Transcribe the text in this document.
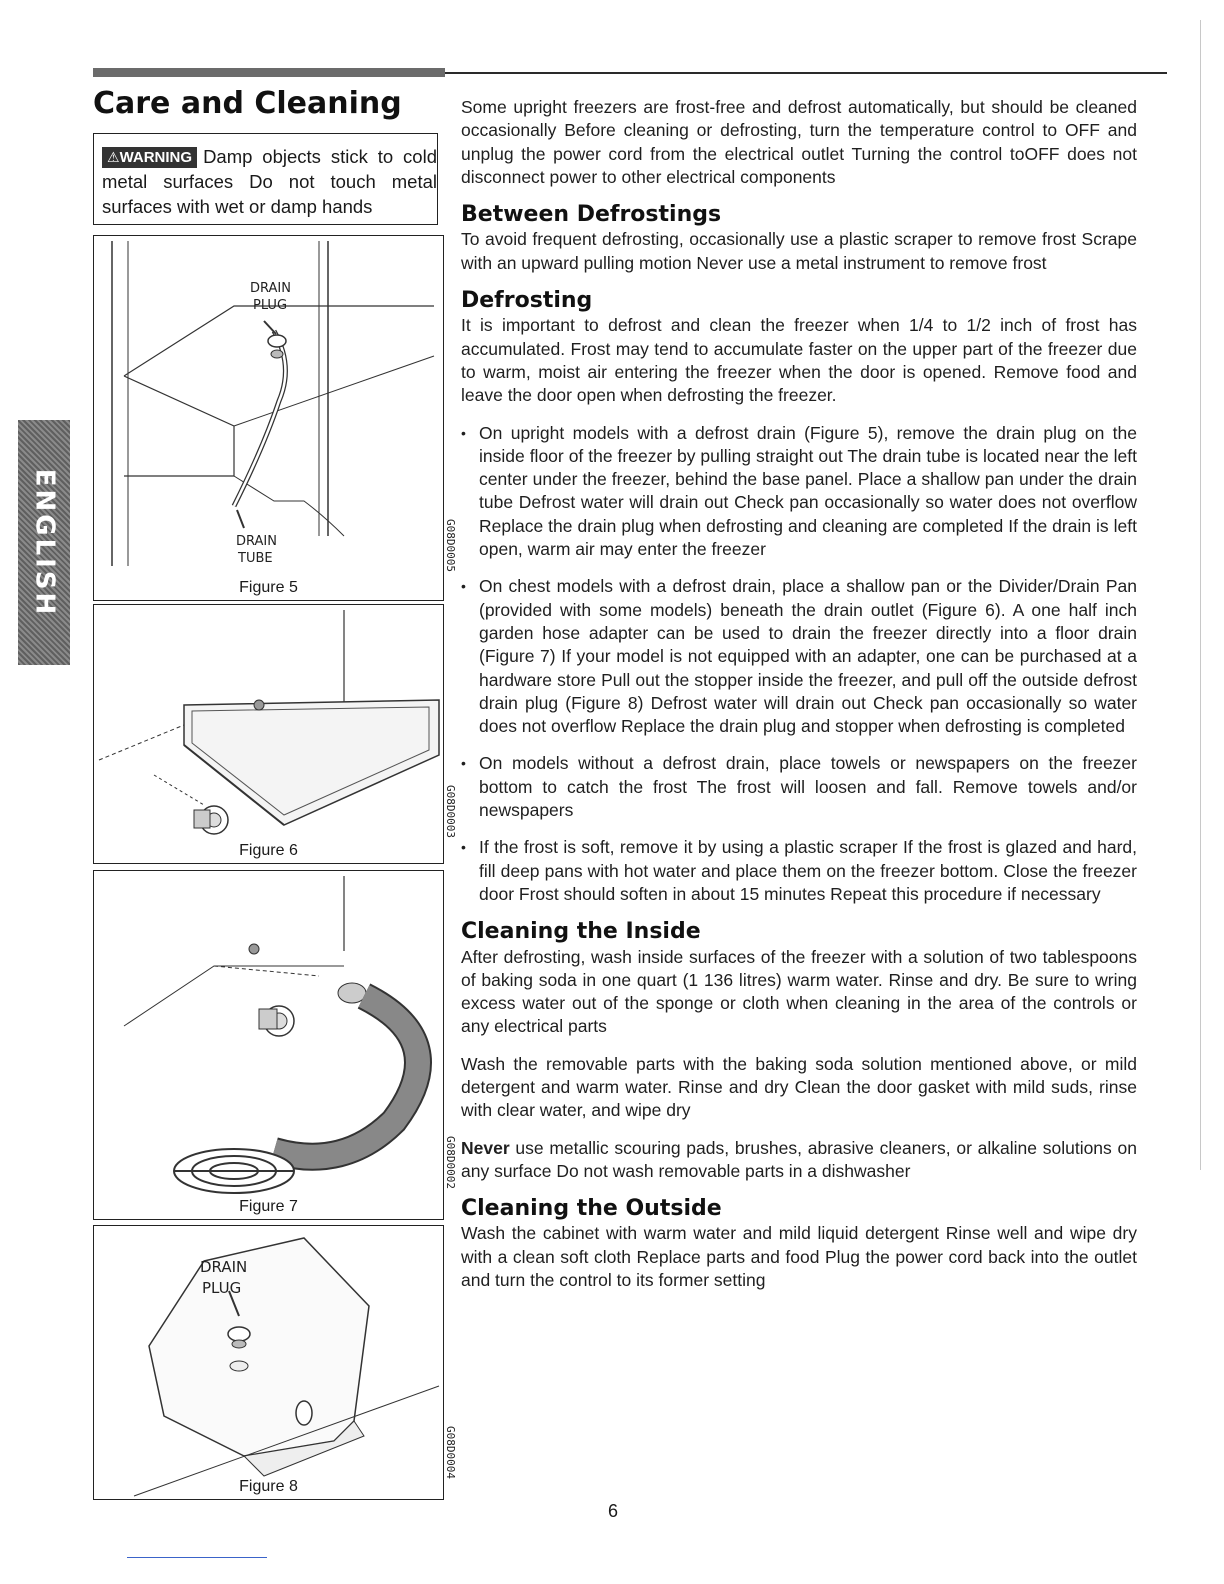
ENGLISH
Care and Cleaning
⚠WARNING Damp objects stick to cold metal surfaces Do not touch metal surfaces with wet or damp hands
DRAIN
PLUG
DRAIN
TUBE	G08D0005
Figure 5
G08D0003
Figure 6
G08D0002
Figure 7
DRAIN
PLUG
G08D0004
Figure 8

Some upright freezers are frost-free and defrost automatically, but should be cleaned occasionally Before cleaning or defrosting, turn the temperature control to OFF and unplug the power cord from the electrical outlet Turning the control toOFF does not disconnect power to other electrical components

Between Defrostings

To avoid frequent defrosting, occasionally use a plastic scraper to remove frost Scrape with an upward pulling motion Never use a metal instrument to remove frost

Defrosting

It is important to defrost and clean the freezer when 1/4 to 1/2 inch of frost has accumulated. Frost may tend to accumulate faster on the upper part of the freezer due to warm, moist air entering the freezer when the door is opened. Remove food and leave the door open when defrosting the freezer.

• On upright models with a defrost drain (Figure 5), remove the drain plug on the inside floor of the freezer by pulling straight out The drain tube is located near the left center under the freezer, behind the base panel. Place a shallow pan under the drain tube Defrost water will drain out Check pan occasionally so water does not overflow Replace the drain plug when defrosting and cleaning are completed If the drain is left open, warm air may enter the freezer
• On chest models with a defrost drain, place a shallow pan or the Divider/Drain Pan (provided with some models) beneath the drain outlet (Figure 6). A one half inch garden hose adapter can be used to drain the freezer directly into a floor drain (Figure 7) If your model is not equipped with an adapter, one can be purchased at a hardware store Pull out the stopper inside the freezer, and pull off the outside defrost drain plug (Figure 8) Defrost water will drain out Check pan occasionally so water does not overflow Replace the drain plug and stopper when defrosting is completed
• On models without a defrost drain, place towels or newspapers on the freezer bottom to catch the frost The frost will loosen and fall. Remove towels and/or newspapers
• If the frost is soft, remove it by using a plastic scraper If the frost is glazed and hard, fill deep pans with hot water and place them on the freezer bottom. Close the freezer door Frost should soften in about 15 minutes Repeat this procedure if necessary
Cleaning the Inside

After defrosting, wash inside surfaces of the freezer with a solution of two tablespoons of baking soda in one quart (1 136 litres) warm water. Rinse and dry. Be sure to wring excess water out of the sponge or cloth when cleaning in the area of the controls or any electrical parts

Wash the removable parts with the baking soda solution mentioned above, or mild detergent and warm water. Rinse and dry Clean the door gasket with mild suds, rinse with clear water, and wipe dry

Never use metallic scouring pads, brushes, abrasive cleaners, or alkaline solutions on any surface Do not wash removable parts in a dishwasher

Cleaning the Outside

Wash the cabinet with warm water and mild liquid detergent Rinse well and wipe dry with a clean soft cloth Replace parts and food Plug the power cord back into the outlet and turn the control to its former setting

6
